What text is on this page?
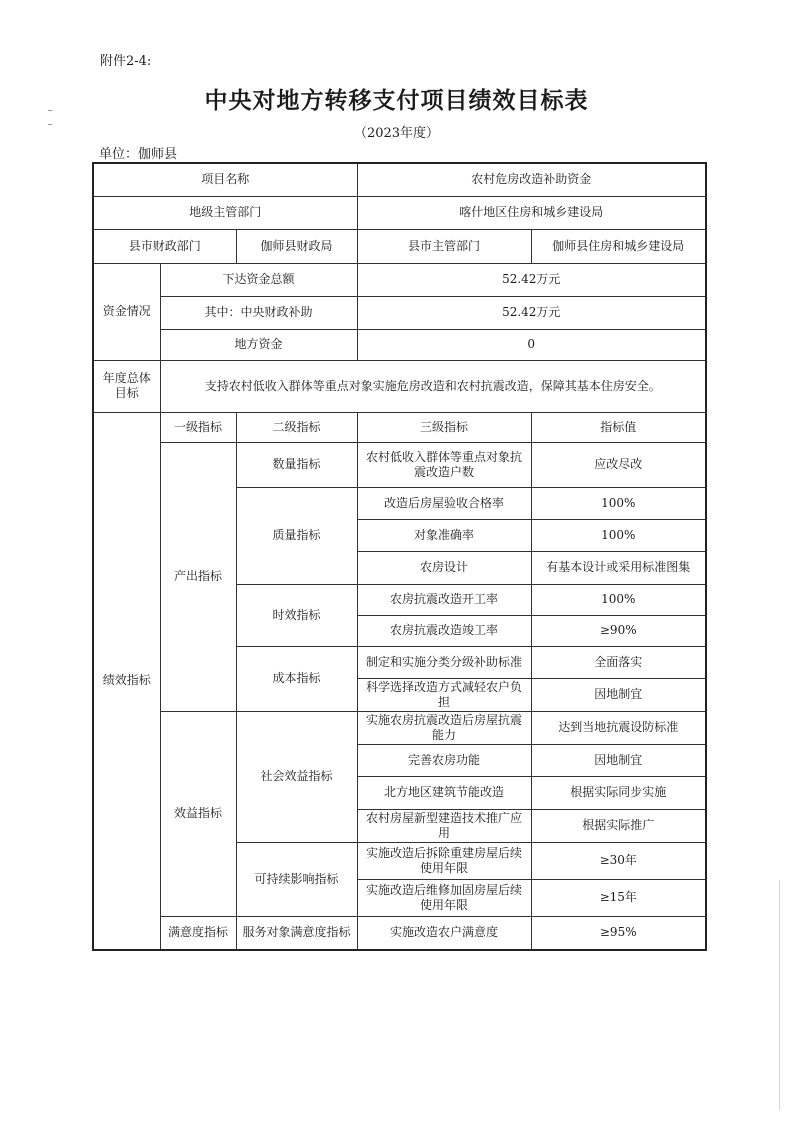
附件2-4:
中央对地方转移支付项目绩效目标表
（2023年度）
单位：伽师县
项目名称			农村危房改造补助资金	
地级主管部门			喀什地区住房和城乡建设局	
县市财政部门		伽师县财政局	县市主管部门	伽师县住房和城乡建设局
资金情况	下达资金总额		52.42万元	
	其中：中央财政补助		52.42万元	
	地方资金		0	
年度总体目标	支持农村低收入群体等重点对象实施危房改造和农村抗震改造，保障其基本住房安全。			
绩效指标	一级指标	二级指标	三级指标	指标值
	产出指标	数量指标	农村低收入群体等重点对象抗震改造户数	应改尽改
		质量指标	改造后房屋验收合格率	100%
			对象准确率	100%
			农房设计	有基本设计或采用标准图集
		时效指标	农房抗震改造开工率	100%
			农房抗震改造竣工率	≥90%
		成本指标	制定和实施分类分级补助标准	全面落实
			科学选择改造方式减轻农户负担	因地制宜
	效益指标	社会效益指标	实施农房抗震改造后房屋抗震能力	达到当地抗震设防标准
			完善农房功能	因地制宜
			北方地区建筑节能改造	根据实际同步实施
			农村房屋新型建造技术推广应用	根据实际推广
		可持续影响指标	实施改造后拆除重建房屋后续使用年限	≥30年
			实施改造后维修加固房屋后续使用年限	≥15年
	满意度指标	服务对象满意度指标	实施改造农户满意度	≥95%
